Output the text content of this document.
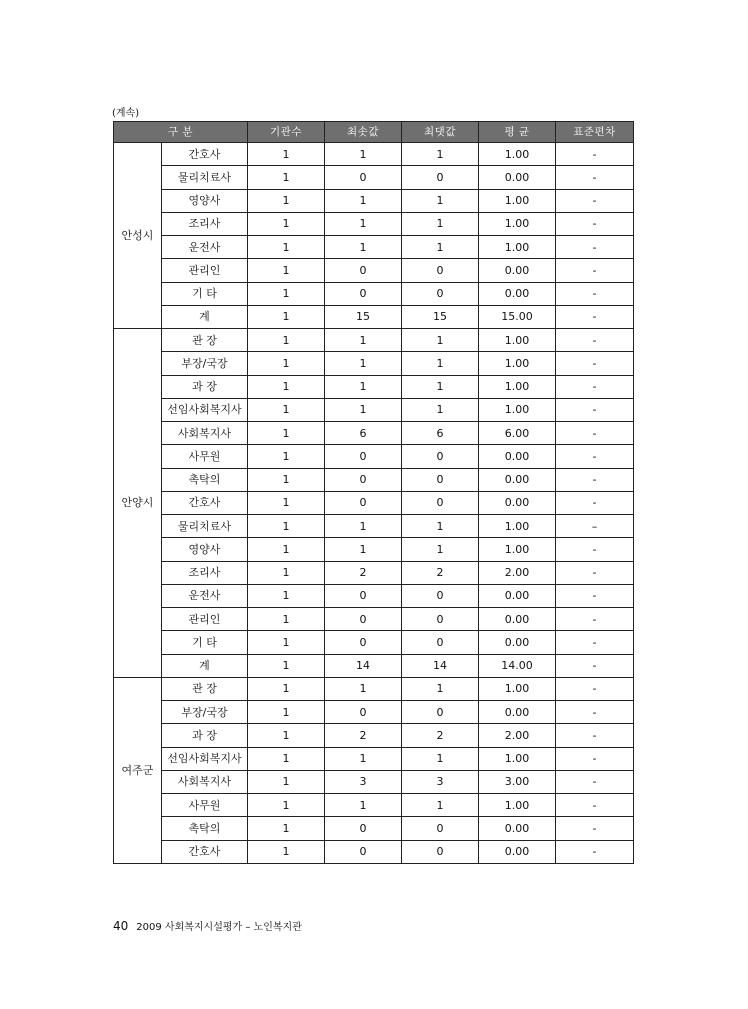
(계속)
구 분		기관수	최솟값	최댓값	평 균	표준편차
안성시	간호사	1	1	1	1.00	-
	물리치료사	1	0	0	0.00	-
	영양사	1	1	1	1.00	-
	조리사	1	1	1	1.00	-
	운전사	1	1	1	1.00	-
	관리인	1	0	0	0.00	-
	기 타	1	0	0	0.00	-
	계	1	15	15	15.00	-
안양시	관 장	1	1	1	1.00	-
	부장/국장	1	1	1	1.00	-
	과 장	1	1	1	1.00	-
	선임사회복지사	1	1	1	1.00	-
	사회복지사	1	6	6	6.00	-
	사무원	1	0	0	0.00	-
	촉탁의	1	0	0	0.00	-
	간호사	1	0	0	0.00	-
	물리치료사	1	1	1	1.00	–
	영양사	1	1	1	1.00	-
	조리사	1	2	2	2.00	-
	운전사	1	0	0	0.00	-
	관리인	1	0	0	0.00	-
	기 타	1	0	0	0.00	-
	계	1	14	14	14.00	-
여주군	관 장	1	1	1	1.00	-
	부장/국장	1	0	0	0.00	-
	과 장	1	2	2	2.00	-
	선임사회복지사	1	1	1	1.00	-
	사회복지사	1	3	3	3.00	-
	사무원	1	1	1	1.00	-
	촉탁의	1	0	0	0.00	-
	간호사	1	0	0	0.00	-
40 2009 사회복지시설평가 – 노인복지관
